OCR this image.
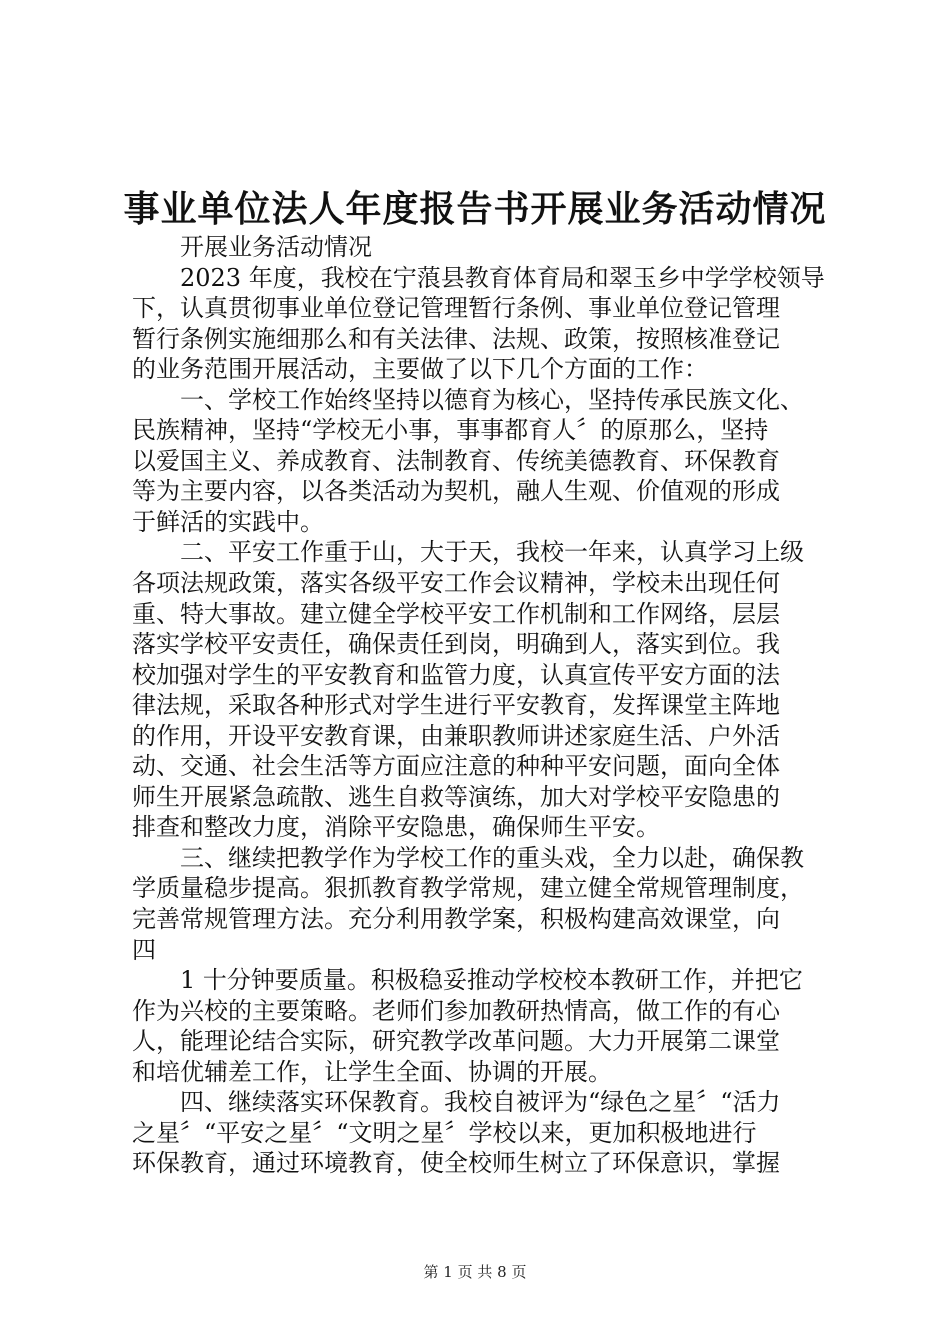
事业单位法人年度报告书开展业务活动情况
开展业务活动情况
2023 年度，我校在宁蒗县教育体育局和翠玉乡中学学校领导
下，认真贯彻事业单位登记管理暂行条例、事业单位登记管理
暂行条例实施细那么和有关法律、法规、政策，按照核准登记
的业务范围开展活动，主要做了以下几个方面的工作：
一、学校工作始终坚持以德育为核心，坚持传承民族文化、
民族精神，坚持“学校无小事，事事都育人〞的原那么，坚持
以爱国主义、养成教育、法制教育、传统美德教育、环保教育
等为主要内容，以各类活动为契机，融人生观、价值观的形成
于鲜活的实践中。
二、平安工作重于山，大于天，我校一年来，认真学习上级
各项法规政策，落实各级平安工作会议精神，学校未出现任何
重、特大事故。建立健全学校平安工作机制和工作网络，层层
落实学校平安责任，确保责任到岗，明确到人，落实到位。我
校加强对学生的平安教育和监管力度，认真宣传平安方面的法
律法规，采取各种形式对学生进行平安教育，发挥课堂主阵地
的作用，开设平安教育课，由兼职教师讲述家庭生活、户外活
动、交通、社会生活等方面应注意的种种平安问题，面向全体
师生开展紧急疏散、逃生自救等演练，加大对学校平安隐患的
排查和整改力度，消除平安隐患，确保师生平安。
三、继续把教学作为学校工作的重头戏，全力以赴，确保教
学质量稳步提高。狠抓教育教学常规，建立健全常规管理制度，
完善常规管理方法。充分利用教学案，积极构建高效课堂，向
四
1 十分钟要质量。积极稳妥推动学校校本教研工作，并把它
作为兴校的主要策略。老师们参加教研热情高，做工作的有心
人，能理论结合实际，研究教学改革问题。大力开展第二课堂
和培优辅差工作，让学生全面、协调的开展。
四、继续落实环保教育。我校自被评为“绿色之星〞“活力
之星〞“平安之星〞“文明之星〞学校以来，更加积极地进行
环保教育，通过环境教育，使全校师生树立了环保意识，掌握
第 1 页 共 8 页
